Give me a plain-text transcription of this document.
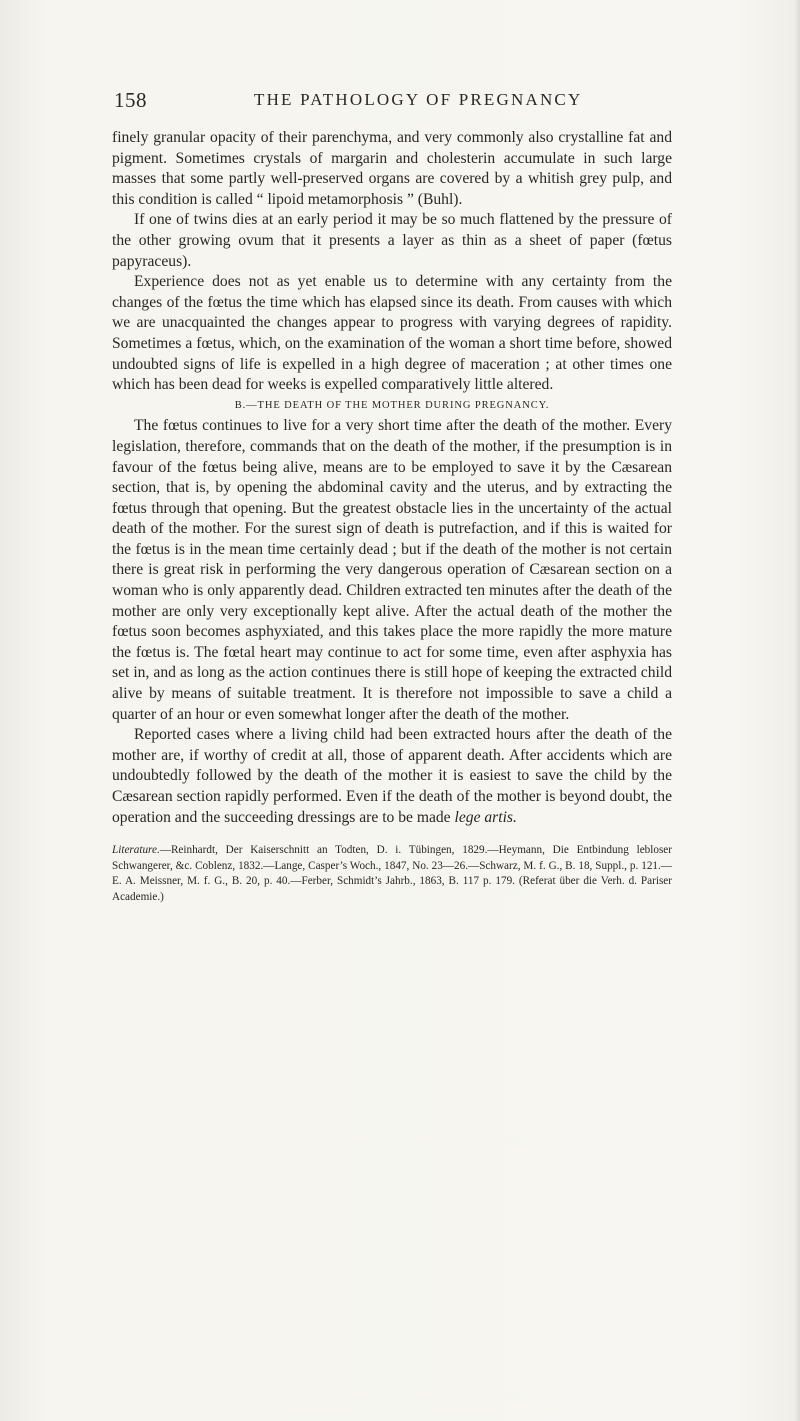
158	THE PATHOLOGY OF PREGNANCY

finely granular opacity of their parenchyma, and very commonly also crystalline fat and pigment. Sometimes crystals of margarin and cholesterin accumulate in such large masses that some partly well-preserved organs are covered by a whitish grey pulp, and this condition is called “ lipoid metamorphosis ” (Buhl).

If one of twins dies at an early period it may be so much flattened by the pressure of the other growing ovum that it presents a layer as thin as a sheet of paper (fœtus papyraceus).

Experience does not as yet enable us to determine with any certainty from the changes of the fœtus the time which has elapsed since its death. From causes with which we are unacquainted the changes appear to progress with varying degrees of rapidity. Sometimes a fœtus, which, on the examination of the woman a short time before, showed undoubted signs of life is expelled in a high degree of maceration ; at other times one which has been dead for weeks is expelled comparatively little altered.

B.—THE DEATH OF THE MOTHER DURING PREGNANCY.

The fœtus continues to live for a very short time after the death of the mother. Every legislation, therefore, commands that on the death of the mother, if the presumption is in favour of the fœtus being alive, means are to be employed to save it by the Cæsarean section, that is, by opening the abdominal cavity and the uterus, and by extracting the fœtus through that opening. But the greatest obstacle lies in the uncertainty of the actual death of the mother. For the surest sign of death is putrefaction, and if this is waited for the fœtus is in the mean time certainly dead ; but if the death of the mother is not certain there is great risk in performing the very dangerous operation of Cæsarean section on a woman who is only apparently dead. Children extracted ten minutes after the death of the mother are only very exceptionally kept alive. After the actual death of the mother the fœtus soon becomes asphyxiated, and this takes place the more rapidly the more mature the fœtus is. The fœtal heart may continue to act for some time, even after asphyxia has set in, and as long as the action continues there is still hope of keeping the extracted child alive by means of suitable treatment. It is therefore not impossible to save a child a quarter of an hour or even somewhat longer after the death of the mother.

Reported cases where a living child had been extracted hours after the death of the mother are, if worthy of credit at all, those of apparent death. After accidents which are undoubtedly followed by the death of the mother it is easiest to save the child by the Cæsarean section rapidly performed. Even if the death of the mother is beyond doubt, the operation and the succeeding dressings are to be made lege artis.

Literature.—Reinhardt, Der Kaiserschnitt an Todten, D. i. Tübingen, 1829.—Heymann, Die Entbindung lebloser Schwangerer, &c. Coblenz, 1832.—Lange, Casper’s Woch., 1847, No. 23—26.—Schwarz, M. f. G., B. 18, Suppl., p. 121.—E. A. Meissner, M. f. G., B. 20, p. 40.—Ferber, Schmidt’s Jahrb., 1863, B. 117 p. 179. (Referat über die Verh. d. Pariser Academie.)
